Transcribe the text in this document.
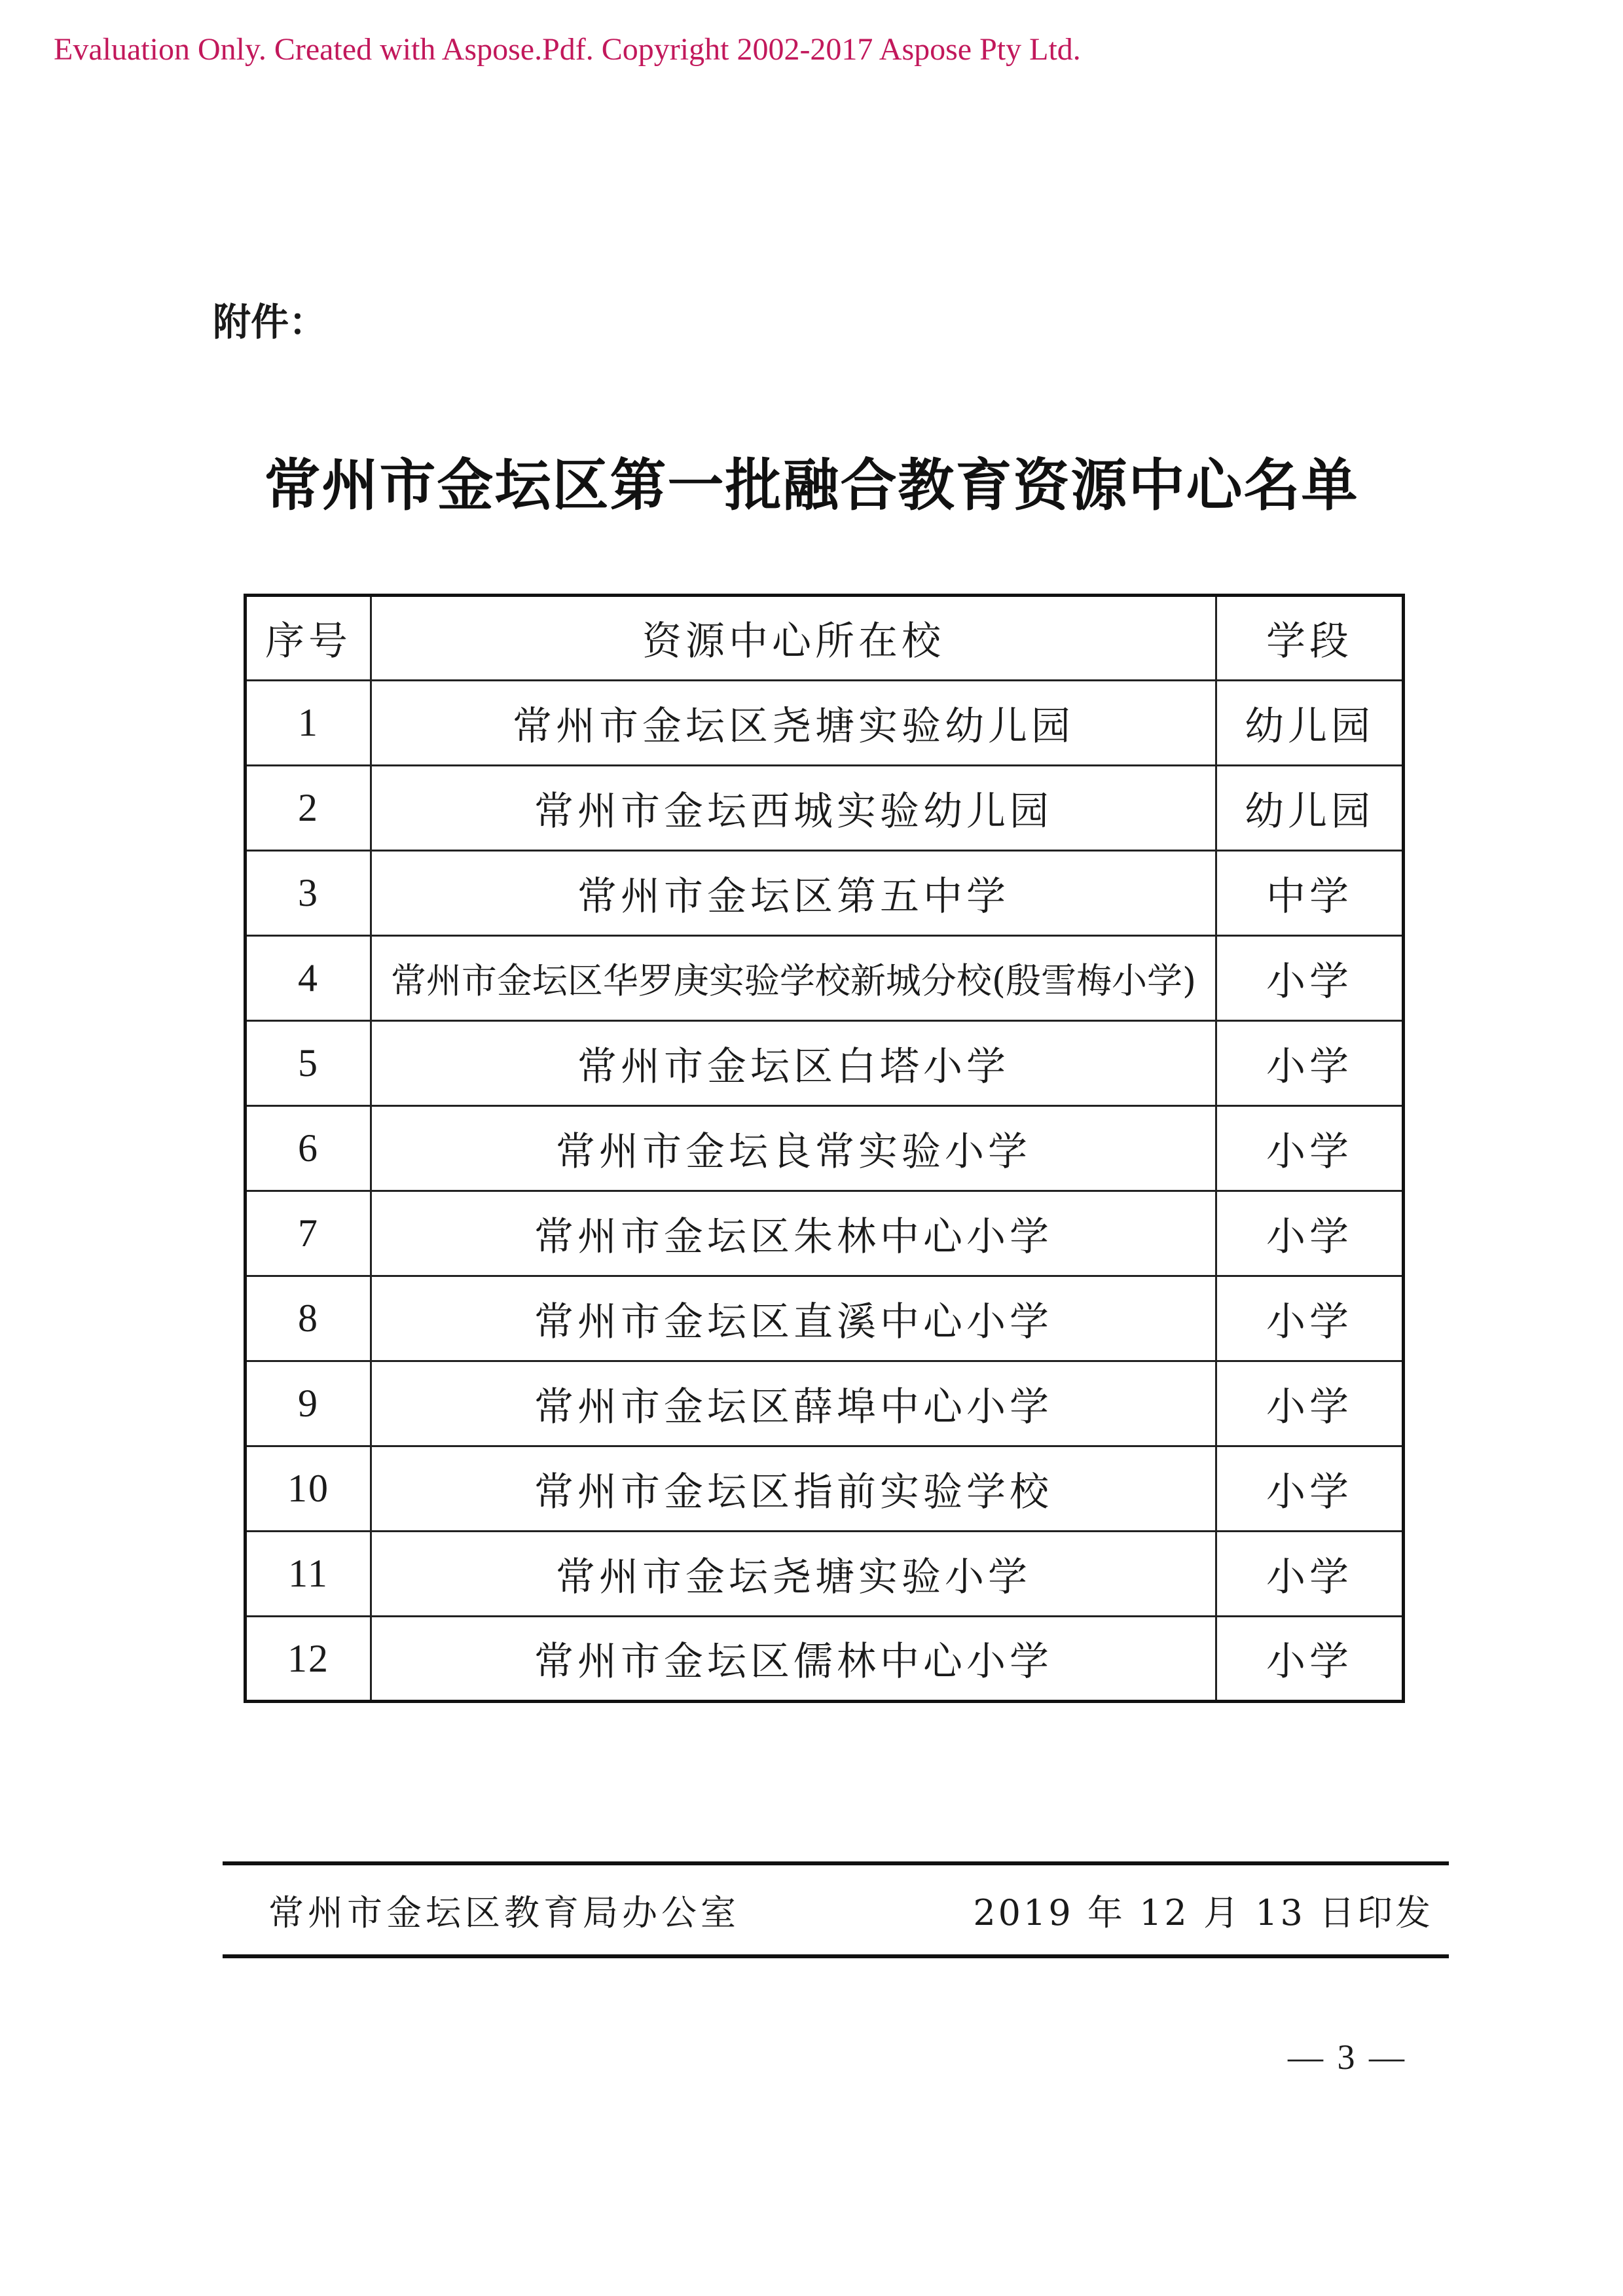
Evaluation Only. Created with Aspose.Pdf. Copyright 2002-2017 Aspose Pty Ltd.
附件：
常州市金坛区第一批融合教育资源中心名单
序号	资源中心所在校	学段
1	常州市金坛区尧塘实验幼儿园	幼儿园
2	常州市金坛西城实验幼儿园	幼儿园
3	常州市金坛区第五中学	中学
4	常州市金坛区华罗庚实验学校新城分校(殷雪梅小学)	小学
5	常州市金坛区白塔小学	小学
6	常州市金坛良常实验小学	小学
7	常州市金坛区朱林中心小学	小学
8	常州市金坛区直溪中心小学	小学
9	常州市金坛区薛埠中心小学	小学
10	常州市金坛区指前实验学校	小学
11	常州市金坛尧塘实验小学	小学
12	常州市金坛区儒林中心小学	小学
常州市金坛区教育局办公室	2019 年 12 月 13 日印发
— 3 —
